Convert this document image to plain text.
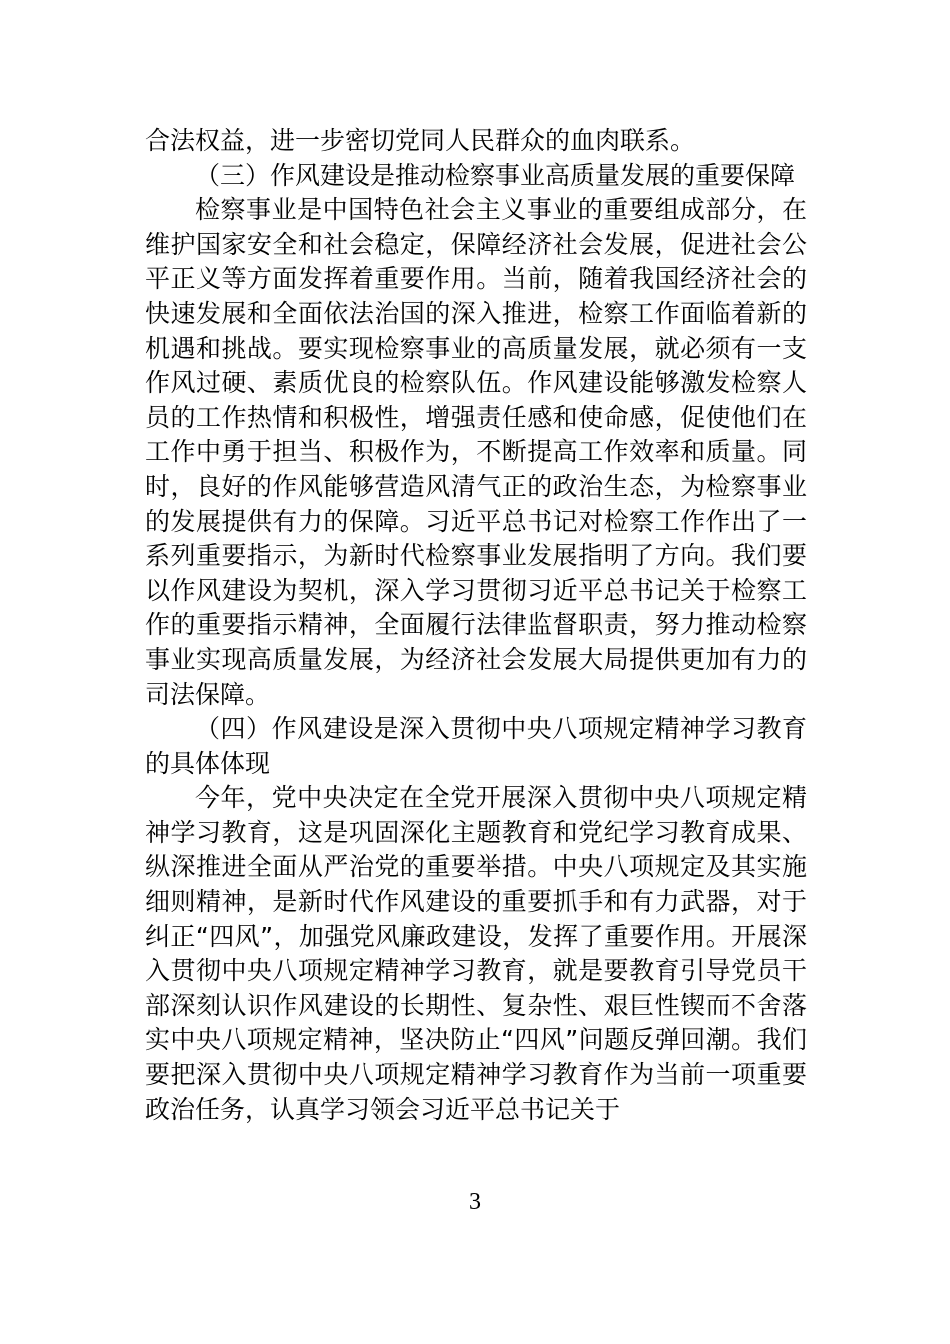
合法权益，进一步密切党同人民群众的血肉联系。

（三）作风建设是推动检察事业高质量发展的重要保障

检察事业是中国特色社会主义事业的重要组成部分，在维护国家安全和社会稳定，保障经济社会发展，促进社会公平正义等方面发挥着重要作用。当前，随着我国经济社会的快速发展和全面依法治国的深入推进，检察工作面临着新的机遇和挑战。要实现检察事业的高质量发展，就必须有一支作风过硬、素质优良的检察队伍。作风建设能够激发检察人员的工作热情和积极性，增强责任感和使命感，促使他们在工作中勇于担当、积极作为，不断提高工作效率和质量。同时，良好的作风能够营造风清气正的政治生态，为检察事业的发展提供有力的保障。习近平总书记对检察工作作出了一系列重要指示，为新时代检察事业发展指明了方向。我们要以作风建设为契机，深入学习贯彻习近平总书记关于检察工作的重要指示精神，全面履行法律监督职责，努力推动检察事业实现高质量发展，为经济社会发展大局提供更加有力的司法保障。

（四）作风建设是深入贯彻中央八项规定精神学习教育的具体体现

今年，党中央决定在全党开展深入贯彻中央八项规定精神学习教育，这是巩固深化主题教育和党纪学习教育成果、纵深推进全面从严治党的重要举措。中央八项规定及其实施细则精神，是新时代作风建设的重要抓手和有力武器，对于纠正“四风”，加强党风廉政建设，发挥了重要作用。开展深入贯彻中央八项规定精神学习教育，就是要教育引导党员干部深刻认识作风建设的长期性、复杂性、艰巨性锲而不舍落实中央八项规定精神，坚决防止“四风”问题反弹回潮。我们要把深入贯彻中央八项规定精神学习教育作为当前一项重要政治任务，认真学习领会习近平总书记关于

3
